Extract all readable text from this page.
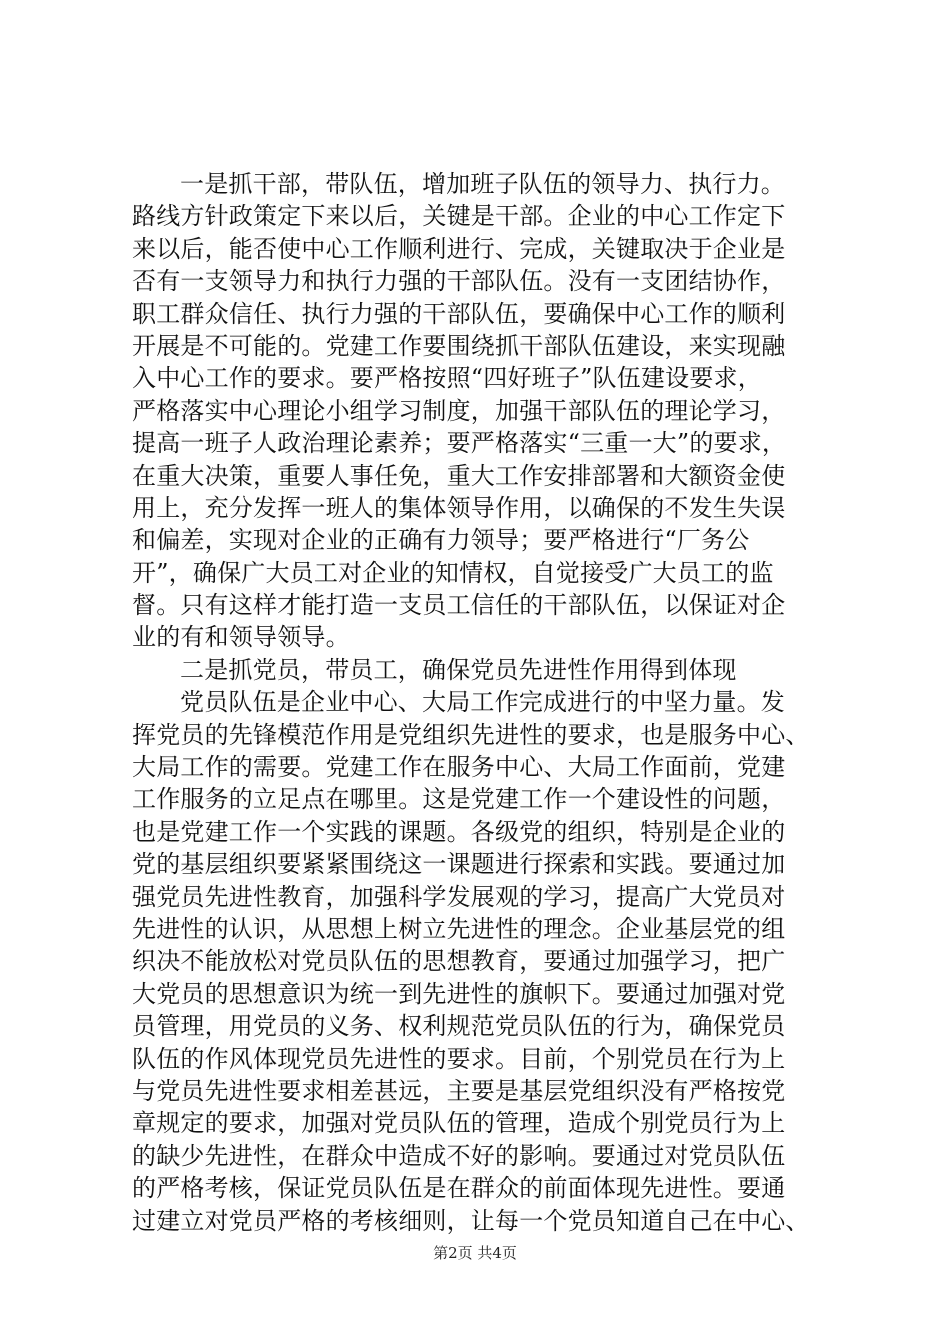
一是抓干部，带队伍，增加班子队伍的领导力、执行力。
路线方针政策定下来以后，关键是干部。企业的中心工作定下
来以后，能否使中心工作顺利进行、完成，关键取决于企业是
否有一支领导力和执行力强的干部队伍。没有一支团结协作，
职工群众信任、执行力强的干部队伍，要确保中心工作的顺利
开展是不可能的。党建工作要围绕抓干部队伍建设，来实现融
入中心工作的要求。要严格按照“四好班子”队伍建设要求，
严格落实中心理论小组学习制度，加强干部队伍的理论学习，
提高一班子人政治理论素养；要严格落实“三重一大”的要求，
在重大决策，重要人事任免，重大工作安排部署和大额资金使
用上，充分发挥一班人的集体领导作用，以确保的不发生失误
和偏差，实现对企业的正确有力领导；要严格进行“厂务公
开”，确保广大员工对企业的知情权，自觉接受广大员工的监
督。只有这样才能打造一支员工信任的干部队伍，以保证对企
业的有和领导领导。
二是抓党员，带员工，确保党员先进性作用得到体现
党员队伍是企业中心、大局工作完成进行的中坚力量。发
挥党员的先锋模范作用是党组织先进性的要求，也是服务中心、
大局工作的需要。党建工作在服务中心、大局工作面前，党建
工作服务的立足点在哪里。这是党建工作一个建设性的问题，
也是党建工作一个实践的课题。各级党的组织，特别是企业的
党的基层组织要紧紧围绕这一课题进行探索和实践。要通过加
强党员先进性教育，加强科学发展观的学习，提高广大党员对
先进性的认识，从思想上树立先进性的理念。企业基层党的组
织决不能放松对党员队伍的思想教育，要通过加强学习，把广
大党员的思想意识为统一到先进性的旗帜下。要通过加强对党
员管理，用党员的义务、权利规范党员队伍的行为，确保党员
队伍的作风体现党员先进性的要求。目前，个别党员在行为上
与党员先进性要求相差甚远，主要是基层党组织没有严格按党
章规定的要求，加强对党员队伍的管理，造成个别党员行为上
的缺少先进性，在群众中造成不好的影响。要通过对党员队伍
的严格考核，保证党员队伍是在群众的前面体现先进性。要通
过建立对党员严格的考核细则，让每一个党员知道自己在中心、
第2页 共4页
